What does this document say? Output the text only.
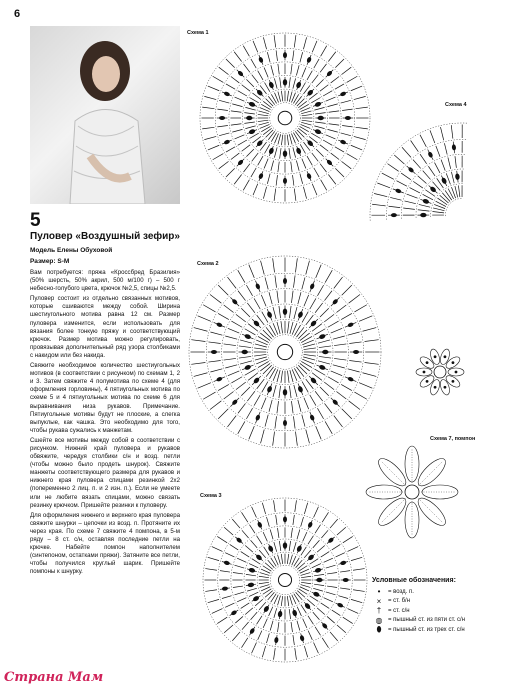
6
5
Пуловер «Воздушный зефир»
Модель Елены Обуховой
Размер: S-M

Вам потребуется: пряжа «Кроссбред Бразилия» (50% шерсть, 50% акрил, 500 м/100 г) – 500 г небесно-голубого цвета, крючок №2,5, спицы №2,5.

Пуловер состоит из отдельно связанных мотивов, которые сшиваются между собой. Ширина шестиугольного мотива равна 12 см. Размер пуловера изменится, если использовать для вязания более тонкую пряжу и соответствующий крючок. Размер мотива можно регулировать, провязывая дополнительный ряд узора столбиками с накидом или без накида.

Свяжите необходимое количество шестиугольных мотивов (в соответствии с рисунком) по схемам 1, 2 и 3. Затем свяжите 4 полумотива по схеме 4 (для оформления горловины), 4 пятиугольных мотива по схеме 5 и 4 пятиугольных мотива по схеме 6 для выравнивания низа рукавов. Примечание. Пятиугольные мотивы будут не плоские, а слегка выпуклые, как чашка. Это необходимо для того, чтобы рукава сужались к манжетам.

Сшейте все мотивы между собой в соответствии с рисунком. Нижний край пуловера и рукавов обвяжите, чередуя столбики с/н и возд. петли (чтобы можно было продеть шнурок). Свяжите манжеты соответствующего размера для рукавов и нижнего края пуловера спицами резинкой 2х2 (попеременно 2 лиц. п. и 2 изн. п.). Если не умеете или не любите вязать спицами, можно связать резинку крючком. Пришейте резинки к пуловеру.

Для оформления нижнего и верхнего края пуловера свяжите шнурки – цепочки из возд. п. Протяните их через края. По схеме 7 свяжите 4 помпона, в 5-м ряду – 8 ст. с/н, оставляя последние петли на крючке. Набейте помпон наполнителем (синтепоном, остатками пряжи). Затяните все петли, чтобы получился круглый шарик. Пришейте помпоны к шнурку.

Схема 1
Схема 4
Схема 2
Схема 7, помпон
Схема 3
Условные обозначения:
•	= возд. п.
×	= ст. б/н
†	= ст. с/н
◍ = пышный ст. из пяти ст. с/н
⬮	= пышный ст. из трех ст. с/н
Страна Мам
